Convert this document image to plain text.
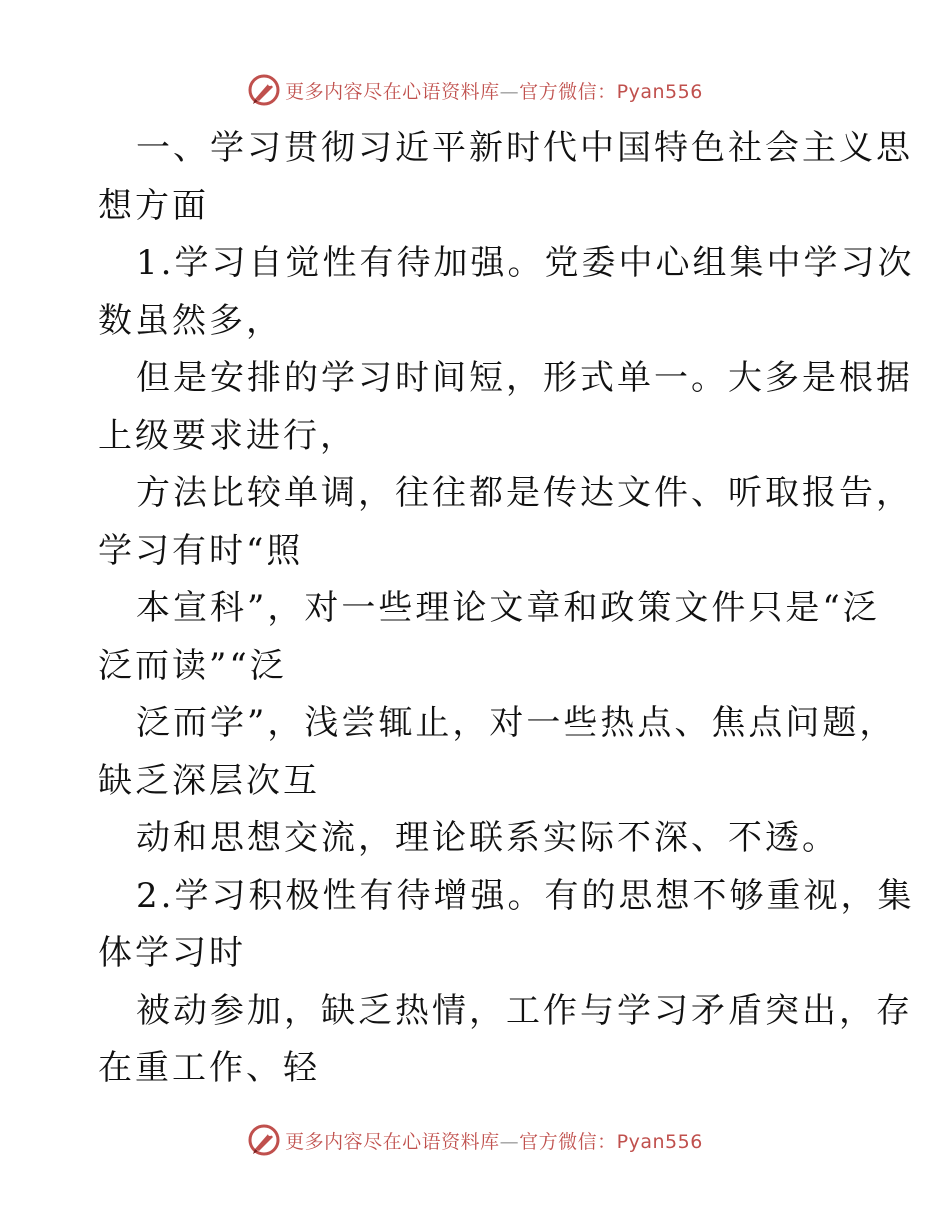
更多内容尽在心语资料库—官方微信：Pyan556
一、学习贯彻习近平新时代中国特色社会主义思
想方面
1.学习自觉性有待加强。党委中心组集中学习次
数虽然多，
但是安排的学习时间短，形式单一。大多是根据
上级要求进行，
方法比较单调，往往都是传达文件、听取报告，
学习有时“照
本宣科”，对一些理论文章和政策文件只是“泛
泛而读”“泛
泛而学”，浅尝辄止，对一些热点、焦点问题，
缺乏深层次互
动和思想交流，理论联系实际不深、不透。
2.学习积极性有待增强。有的思想不够重视，集
体学习时
被动参加，缺乏热情，工作与学习矛盾突出，存
在重工作、轻
更多内容尽在心语资料库—官方微信：Pyan556
